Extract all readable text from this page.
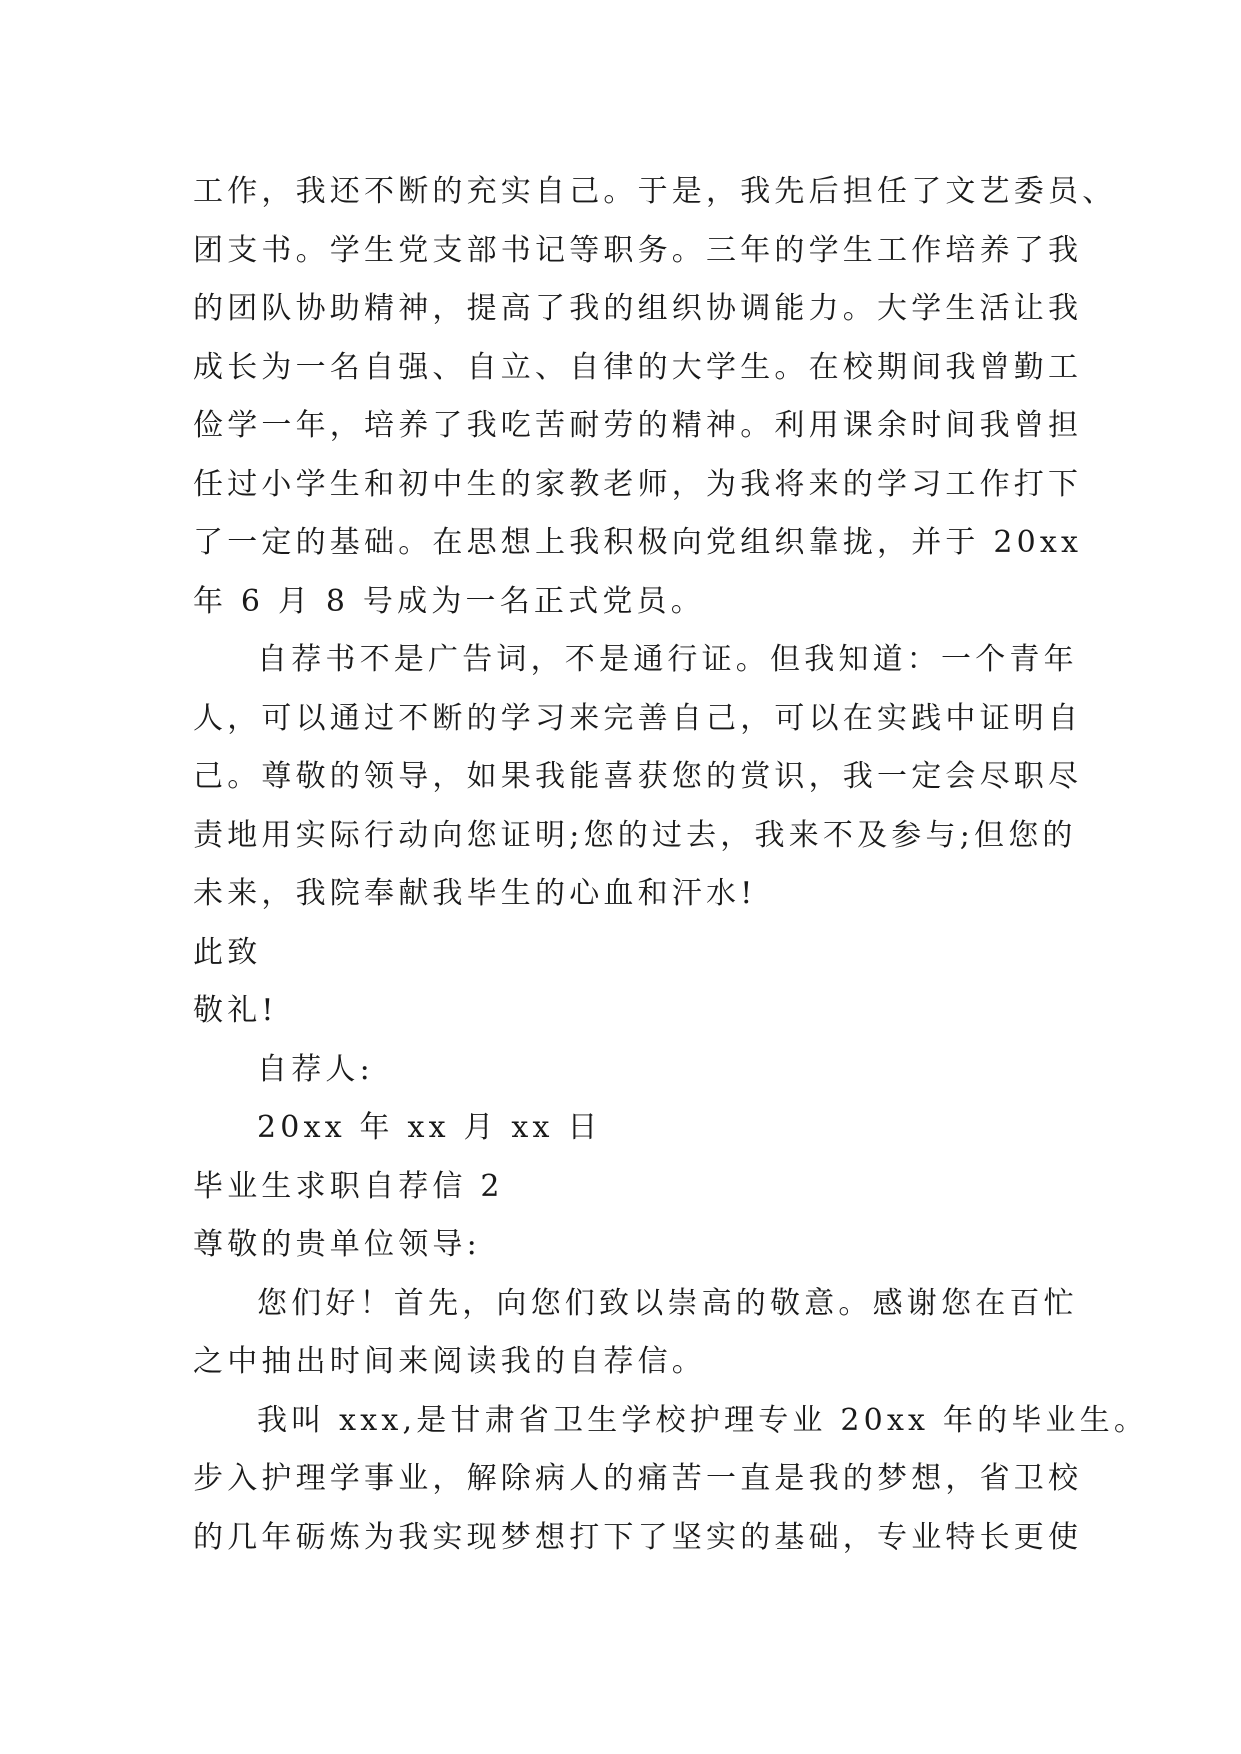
工作，我还不断的充实自己。于是，我先后担任了文艺委员、
团支书。学生党支部书记等职务。三年的学生工作培养了我
的团队协助精神，提高了我的组织协调能力。大学生活让我
成长为一名自强、自立、自律的大学生。在校期间我曾勤工
俭学一年，培养了我吃苦耐劳的精神。利用课余时间我曾担
任过小学生和初中生的家教老师，为我将来的学习工作打下
了一定的基础。在思想上我积极向党组织靠拢，并于 20xx
年 6 月 8 号成为一名正式党员。
自荐书不是广告词，不是通行证。但我知道：一个青年
人，可以通过不断的学习来完善自己，可以在实践中证明自
己。尊敬的领导，如果我能喜获您的赏识，我一定会尽职尽
责地用实际行动向您证明;您的过去，我来不及参与;但您的
未来，我院奉献我毕生的心血和汗水!
此致
敬礼!
自荐人:
20xx 年 xx 月 xx 日
毕业生求职自荐信 2
尊敬的贵单位领导:
您们好！首先，向您们致以崇高的敬意。感谢您在百忙
之中抽出时间来阅读我的自荐信。
我叫 xxx,是甘肃省卫生学校护理专业 20xx 年的毕业生。
步入护理学事业，解除病人的痛苦一直是我的梦想，省卫校
的几年砺炼为我实现梦想打下了坚实的基础，专业特长更使
